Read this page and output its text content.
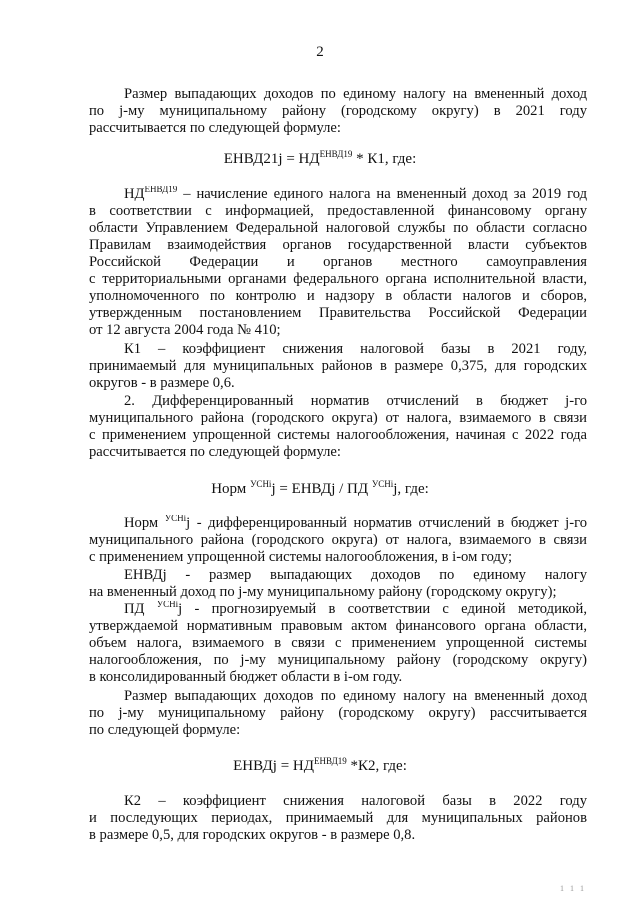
2
Размер выпадающих доходов по единому налогу на вмененный доход
по j-му муниципальному району (городскому округу) в 2021 году
рассчитывается по следующей формуле:
ЕНВД21j = $НД^{ЕНВД19} * К1$, где:
$НД^{ЕНВД19}$ – начисление единого налога на вмененный доход за 2019 год
в соответствии с информацией, предоставленной финансовому органу
области Управлением Федеральной налоговой службы по области согласно
Правилам взаимодействия органов государственной власти субъектов
Российской Федерации и органов местного самоуправления
с территориальными органами федерального органа исполнительной власти,
уполномоченного по контролю и надзору в области налогов и сборов,
утвержденным постановлением Правительства Российской Федерации
от 12 августа 2004 года № 410;
К1 – коэффициент снижения налоговой базы в 2021 году,
принимаемый для муниципальных районов в размере 0,375, для городских
округов - в размере 0,6.
2. Дифференцированный норматив отчислений в бюджет j-го
муниципального района (городского округа) от налога, взимаемого в связи
с применением упрощенной системы налогообложения, начиная с 2022 года
рассчитывается по следующей формуле:
Норм $^{УСНi}$j = ЕНВДj / ПД $^{УСНi}$j, где:
Норм $^{УСНi}$j - дифференцированный норматив отчислений в бюджет j-го
муниципального района (городского округа) от налога, взимаемого в связи
с применением упрощенной системы налогообложения, в i-ом году;
ЕНВДj - размер выпадающих доходов по единому налогу
на вмененный доход по j-му муниципальному району (городскому округу);
ПД $^{УСНi}$j - прогнозируемый в соответствии с единой методикой,
утверждаемой нормативным правовым актом финансового органа области,
объем налога, взимаемого в связи с применением упрощенной системы
налогообложения, по j-му муниципальному району (городскому округу)
в консолидированный бюджет области в i-ом году.
Размер выпадающих доходов по единому налогу на вмененный доход
по j-му муниципальному району (городскому округу) рассчитывается
по следующей формуле:
ЕНВДj = $НД^{ЕНВД19}$ *К2, где:
К2 – коэффициент снижения налоговой базы в 2022 году
и последующих периодах, принимаемый для муниципальных районов
в размере 0,5, для городских округов - в размере 0,8.
1 1 1
